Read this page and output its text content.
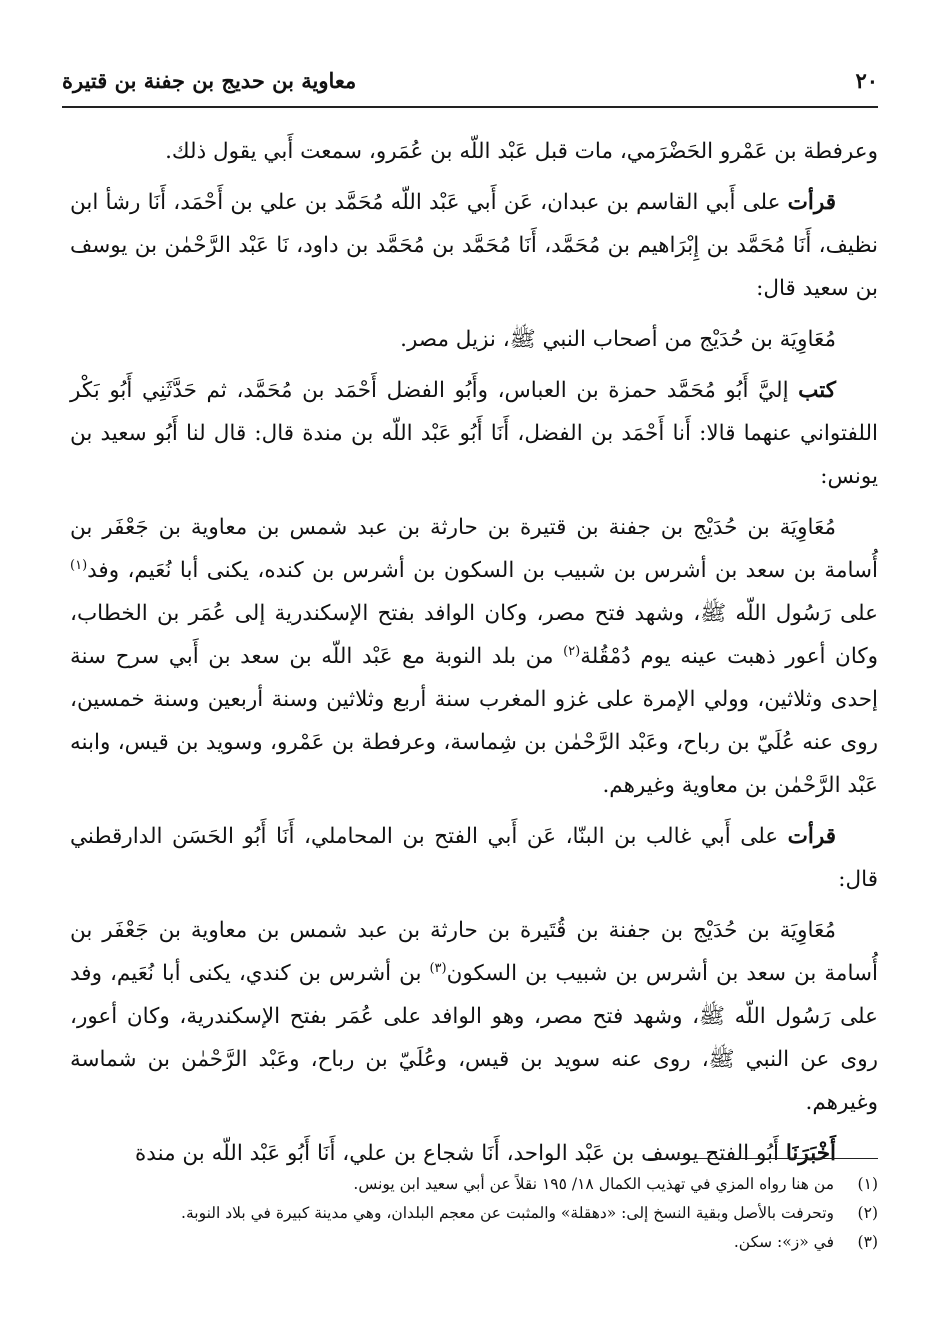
٢٠
معاوية بن حديج بن جفنة بن قتيرة

وعرفطة بن عَمْرو الحَضْرَمي، مات قبل عَبْد اللّه بن عُمَرو، سمعت أَبي يقول ذلك.

قرأت على أَبي القاسم بن عبدان، عَن أَبي عَبْد اللّه مُحَمَّد بن علي بن أَحْمَد، أَنَا رشأ ابن نظيف، أَنَا مُحَمَّد بن إِبْرَاهيم بن مُحَمَّد، أَنَا مُحَمَّد بن مُحَمَّد بن داود، نَا عَبْد الرَّحْمٰن بن يوسف بن سعيد قال:

مُعَاوِيَة بن حُدَيْج من أصحاب النبي ﷺ، نزيل مصر.

كتب إليَّ أَبُو مُحَمَّد حمزة بن العباس، وأَبُو الفضل أَحْمَد بن مُحَمَّد، ثم حَدَّثَنِي أَبُو بَكْر اللفتواني عنهما قالا: أَنا أَحْمَد بن الفضل، أَنَا أَبُو عَبْد اللّه بن مندة قال: قال لنا أَبُو سعيد بن يونس:

مُعَاوِيَة بن حُدَيْج بن جفنة بن قتيرة بن حارثة بن عبد شمس بن معاوية بن جَعْفَر بن أُسامة بن سعد بن أشرس بن شبيب بن السكون بن أشرس بن كنده، يكنى أبا نُعَيم، وفد$^{(١)}$ على رَسُول اللّه ﷺ، وشهد فتح مصر، وكان الوافد بفتح الإسكندرية إلى عُمَر بن الخطاب، وكان أعور ذهبت عينه يوم دُمْقُلة$^{(٢)}$ من بلد النوبة مع عَبْد اللّه بن سعد بن أَبي سرح سنة إحدى وثلاثين، وولي الإمرة على غزو المغرب سنة أربع وثلاثين وسنة أربعين وسنة خمسين، روى عنه عُلَيّ بن رباح، وعَبْد الرَّحْمٰن بن شِماسة، وعرفطة بن عَمْرو، وسويد بن قيس، وابنه عَبْد الرَّحْمٰن بن معاوية وغيرهم.

قرأت على أَبي غالب بن البنّا، عَن أَبي الفتح بن المحاملي، أَنَا أَبُو الحَسَن الدارقطني قال:

مُعَاوِيَة بن حُدَيْج بن جفنة بن قُتَيرة بن حارثة بن عبد شمس بن معاوية بن جَعْفَر بن أُسامة بن سعد بن أشرس بن شبيب بن السكون$^{(٣)}$ بن أشرس بن كندي، يكنى أبا نُعَيم، وفد على رَسُول اللّه ﷺ، وشهد فتح مصر، وهو الوافد على عُمَر بفتح الإسكندرية، وكان أعور، روى عن النبي ﷺ، روى عنه سويد بن قيس، وعُلَيّ بن رباح، وعَبْد الرَّحْمٰن بن شماسة وغيرهم.

أَخْبَرَنَا أَبُو الفتح يوسف بن عَبْد الواحد، أَنَا شجاع بن علي، أَنَا أَبُو عَبْد اللّه بن مندة

(١)
من هنا رواه المزي في تهذيب الكمال ١٨/ ١٩٥ نقلاً عن أبي سعيد ابن يونس.
(٢)
وتحرفت بالأصل وبقية النسخ إلى: «دهقلة» والمثبت عن معجم البلدان، وهي مدينة كبيرة في بلاد النوبة.
(٣)
في «ز»: سكن.
